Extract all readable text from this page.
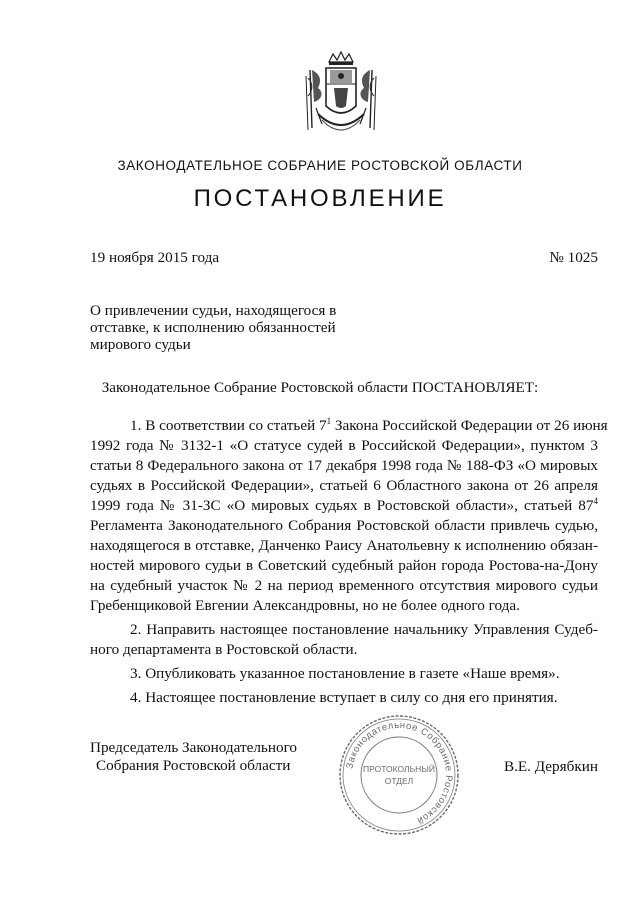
ЗАКОНОДАТЕЛЬНОЕ СОБРАНИЕ РОСТОВСКОЙ ОБЛАСТИ
ПОСТАНОВЛЕНИЕ
19 ноября 2015 года	№ 1025
О привлечении судьи, находящегося в
отставке, к исполнению обязанностей
мирового судьи
Законодательное Собрание Ростовской области ПОСТАНОВЛЯЕТ:
1. В соответствии со статьей $7^1$ Закона Российской Федерации от 26 июня
1992 года № 3132-1 «О статусе судей в Российской Федерации», пунктом 3
статьи 8 Федерального закона от 17 декабря 1998 года № 188-ФЗ «О мировых
судьях в Российской Федерации», статьей 6 Областного закона от 26 апреля
1999 года № 31-ЗС «О мировых судьях в Ростовской области», статьей $87^4$
Регламента Законодательного Собрания Ростовской области привлечь судью,
находящегося в отставке, Данченко Раису Анатольевну к исполнению обязан-
ностей мирового судьи в Советский судебный район города Ростова-на-Дону
на судебный участок № 2 на период временного отсутствия мирового судьи
Гребенщиковой Евгении Александровны, но не более одного года.
2. Направить настоящее постановление начальнику Управления Судеб-
ного департамента в Ростовской области.
3. Опубликовать указанное постановление в газете «Наше время».
4. Настоящее постановление вступает в силу со дня его принятия.
Председатель Законодательного
Собрания Ростовской области	В.Е. Дерябкин
Законодательное Собрание Ростовской
ПРОТОКОЛЬНЫЙ
ОТДЕЛ
